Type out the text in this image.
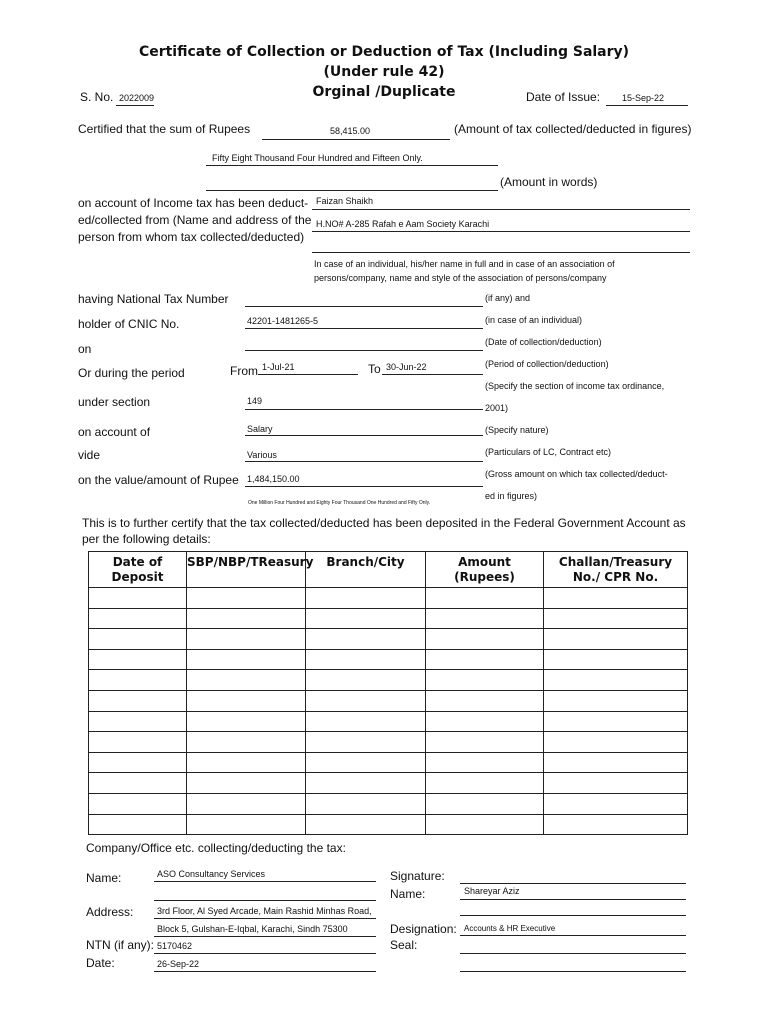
Certificate of Collection or Deduction of Tax (Including Salary)
(Under rule 42)
Orginal /Duplicate
S. No. 2022009	Date of Issue: 15-Sep-22
Certified that the sum of Rupees	58,415.00	(Amount of tax collected/deducted in figures)
Fifty Eight Thousand Four Hundred and Fifteen Only.
(Amount in words)
on account of Income tax has been deduct-
ed/collected from (Name and address of the
person from whom tax collected/deducted)
Faizan Shaikh
H.NO# A-285 Rafah e Aam Society Karachi
In case of an individual, his/her name in full and in case of an association of
persons/company, name and style of the association of persons/company
having National Tax Number	(if any) and
holder of CNIC No.	42201-1481265-5	(in case of an individual)
on	(Date of collection/deduction)
Or during the period	From 1-Jul-21	To 30-Jun-22	(Period of collection/deduction)
(Specify the section of income tax ordinance,
under section	149
2001)
on account of	Salary	(Specify nature)
vide	Various	(Particulars of LC, Contract etc)
on the value/amount of Rupee 1,484,150.00	(Gross amount on which tax collected/deduct-
One Million Four Hundred and Eighty Four Thousand One Hundred and Fifty Only.
ed in figures)
This is to further certify that the tax collected/deducted has been deposited in the Federal Government Account as
per the following details:
Date of Deposit	SBP/NBP/TReasury	Branch/City	Amount (Rupees)	Challan/Treasury No./ CPR No.

Company/Office etc. collecting/deducting the tax:
Name:	ASO Consultancy Services
Address:	3rd Floor, Al Syed Arcade, Main Rashid Minhas Road,
Block 5, Gulshan-E-Iqbal, Karachi, Sindh 75300
NTN (if any): 5170462
Date:	26-Sep-22
Signature:
Name:	Shareyar Aziz
Designation: Accounts & HR Executive
Seal:
